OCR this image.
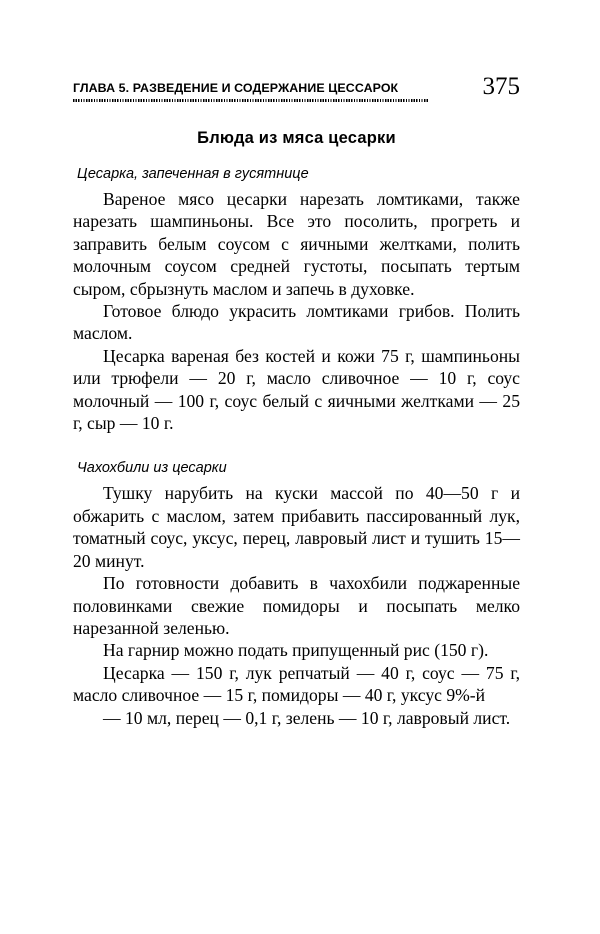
ГЛАВА 5. РАЗВЕДЕНИЕ И СОДЕРЖАНИЕ ЦЕССАРОК	375
Блюда из мяса цесарки
Цесарка, запеченная в гусятнице

Вареное мясо цесарки нарезать ломтиками, также нарезать шампиньоны. Все это посолить, прогреть и заправить белым соусом с яичными желтками, полить молочным соусом средней густоты, посыпать тертым сыром, сбрызнуть маслом и запечь в духовке.

Готовое блюдо украсить ломтиками грибов. Полить маслом.

Цесарка вареная без костей и кожи 75 г, шампиньоны или трюфели — 20 г, масло сливочное — 10 г, соус молочный — 100 г, соус белый с яичными желтками — 25 г, сыр — 10 г.

Чахохбили из цесарки

Тушку нарубить на куски массой по 40—50 г и обжарить с маслом, затем прибавить пассированный лук, томатный соус, уксус, перец, лавровый лист и тушить 15—20 минут.

По готовности добавить в чахохбили поджаренные половинками свежие помидоры и посыпать мелко нарезанной зеленью.

На гарнир можно подать припущенный рис (150 г).

Цесарка — 150 г, лук репчатый — 40 г, соус — 75 г, масло сливочное — 15 г, помидоры — 40 г, уксус 9%-й

— 10 мл, перец — 0,1 г, зелень — 10 г, лавровый лист.
